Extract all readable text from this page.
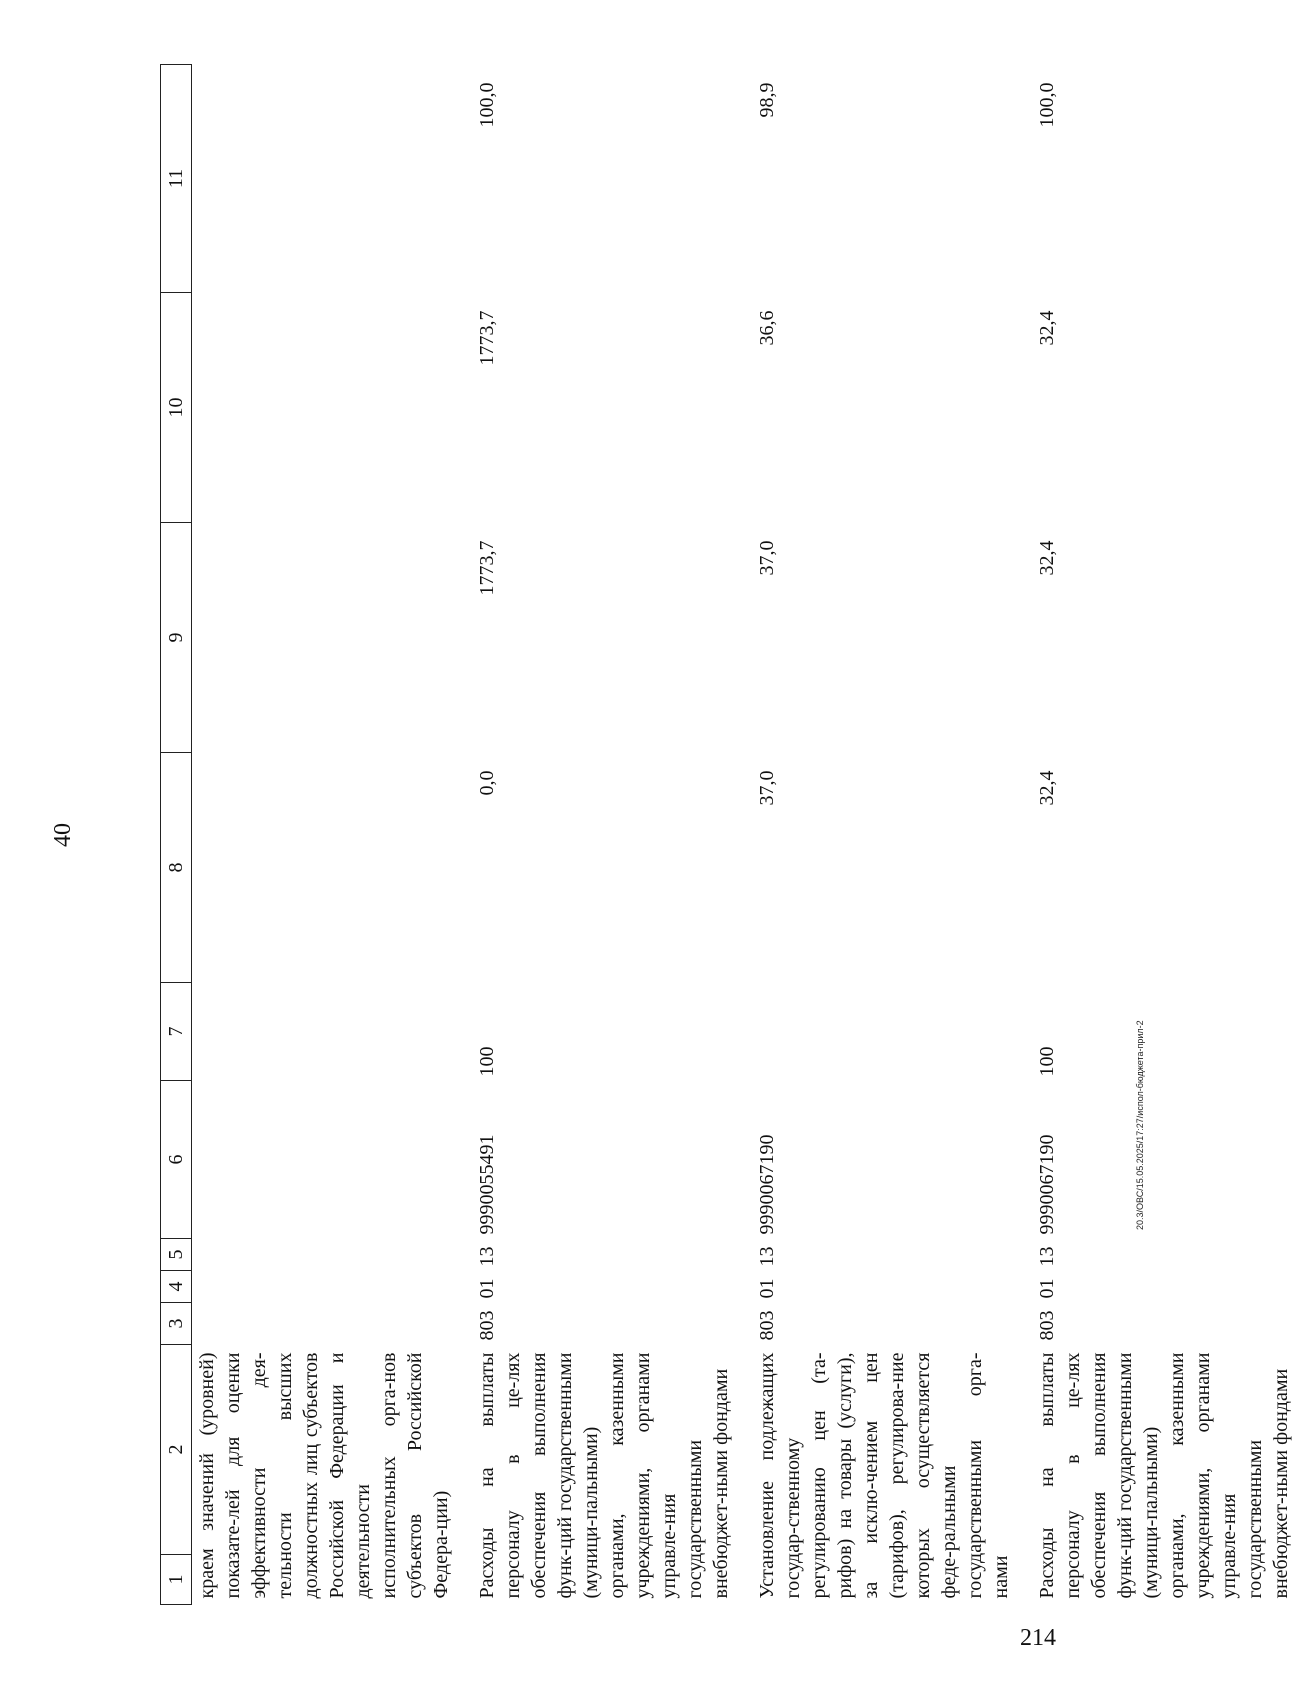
40
1	2	3	4	5	6	7	8	9	10	11
краем значений (уровней) показате-лей для оценки эффективности дея-тельности высших должностных лиц субъектов Российской Федерации и деятельности исполнительных орга-нов субъектов Российской Федера-ции)										
Расходы на выплаты персоналу в це-лях обеспечения выполнения функ-ций государственными (муници-пальными) органами, казенными учреждениями, органами управле-ния государственными внебюджет-ными фондами		803	01	13	9990055491	100	0,0	1773,7	1773,7	100,0
Установление подлежащих государ-ственному регулированию цен (та-рифов) на товары (услуги), за исклю-чением цен (тарифов), регулирова-ние которых осуществляется феде-ральными государственными орга-нами		803	01	13	9990067190		37,0	37,0	36,6	98,9
Расходы на выплаты персоналу в це-лях обеспечения выполнения функ-ций государственными (муници-пальными) органами, казенными учреждениями, органами управле-ния государственными внебюджет-ными фондами		803	01	13	9990067190	100	32,4	32,4	32,4	100,0
20.3/ОВС/15.05.2025/17:27/испол-бюджета-прил-2
214
